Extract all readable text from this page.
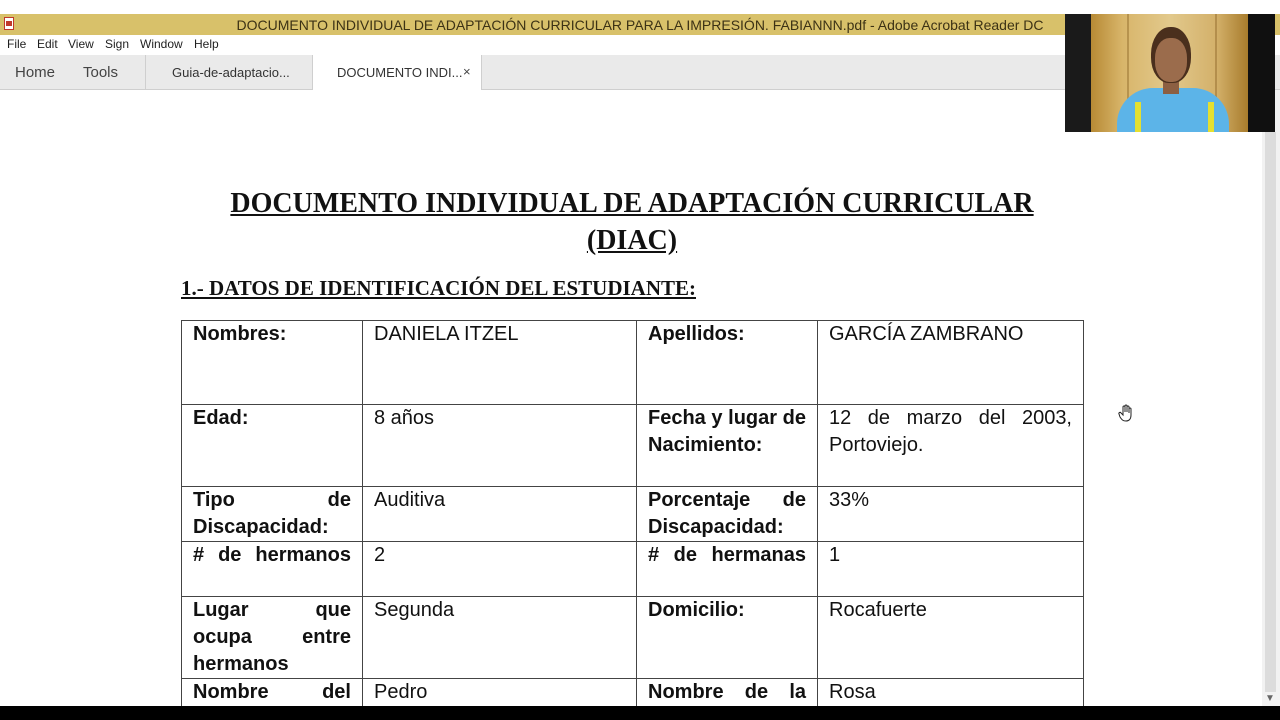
DOCUMENTO INDIVIDUAL DE ADAPTACIÓN CURRICULAR PARA LA IMPRESIÓN. FABIANNN.pdf - Adobe Acrobat Reader DC
File Edit View Sign Window Help
Home Tools	Guia-de-adaptacio...	DOCUMENTO INDI... ×
DOCUMENTO INDIVIDUAL DE ADAPTACIÓN CURRICULAR
(DIAC)
1.- DATOS DE IDENTIFICACIÓN DEL ESTUDIANTE:
Nombres:	DANIELA ITZEL	Apellidos:	GARCÍA ZAMBRANO

Edad:	8 años	Fecha y lugar de Nacimiento:	12 de marzo del 2003, Portoviejo.

Tipo de Discapacidad:	Auditiva	Porcentaje de Discapacidad:	33%

# de hermanos	2	# de hermanas	1

Lugar que ocupa entre hermanos	Segunda	Domicilio:	Rocafuerte

Nombre del	Pedro	Nombre de la	Rosa	▼
